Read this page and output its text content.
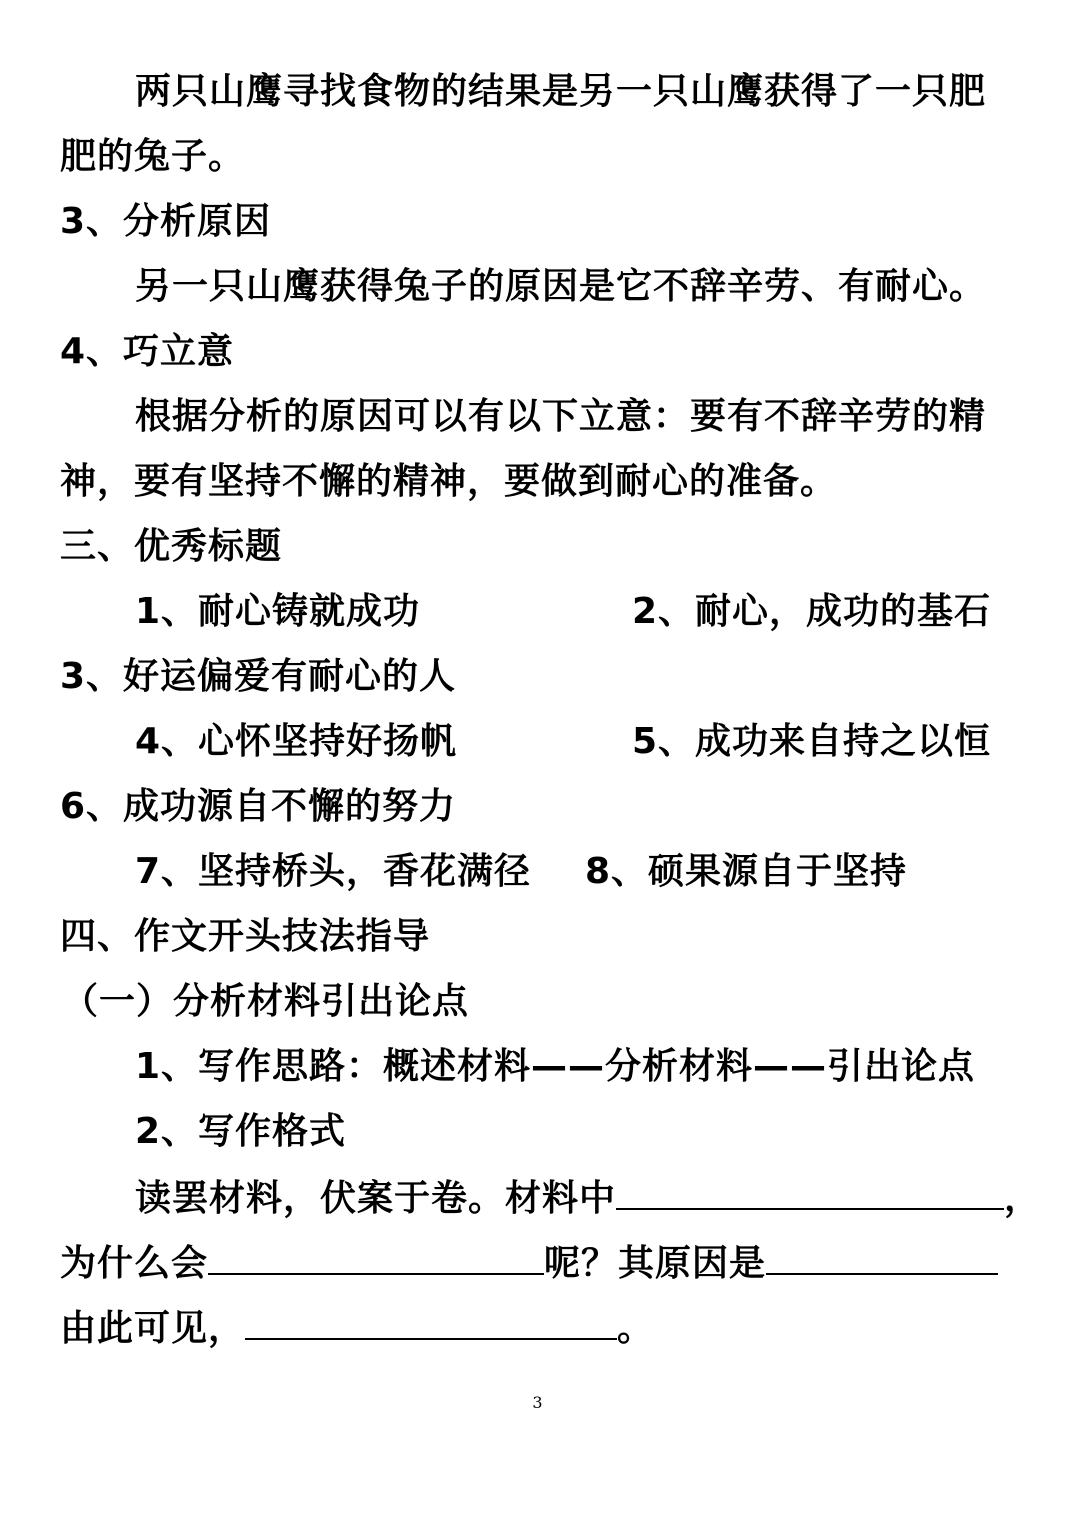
两只山鹰寻找食物的结果是另一只山鹰获得了一只肥
肥的兔子。
3、分析原因
另一只山鹰获得兔子的原因是它不辞辛劳、有耐心。
4、巧立意
根据分析的原因可以有以下立意：要有不辞辛劳的精
神，要有坚持不懈的精神，要做到耐心的准备。
三、优秀标题
1、耐心铸就成功	2、耐心，成功的基石
3、好运偏爱有耐心的人
4、心怀坚持好扬帆	5、成功来自持之以恒
6、成功源自不懈的努力
7、坚持桥头，香花满径 8、硕果源自于坚持
四、作文开头技法指导
（一）分析材料引出论点
1、写作思路：概述材料——分析材料——引出论点
2、写作格式
读罢材料，伏案于卷。材料中	，
为什么会	呢？其原因是
由此可见，	。
3
